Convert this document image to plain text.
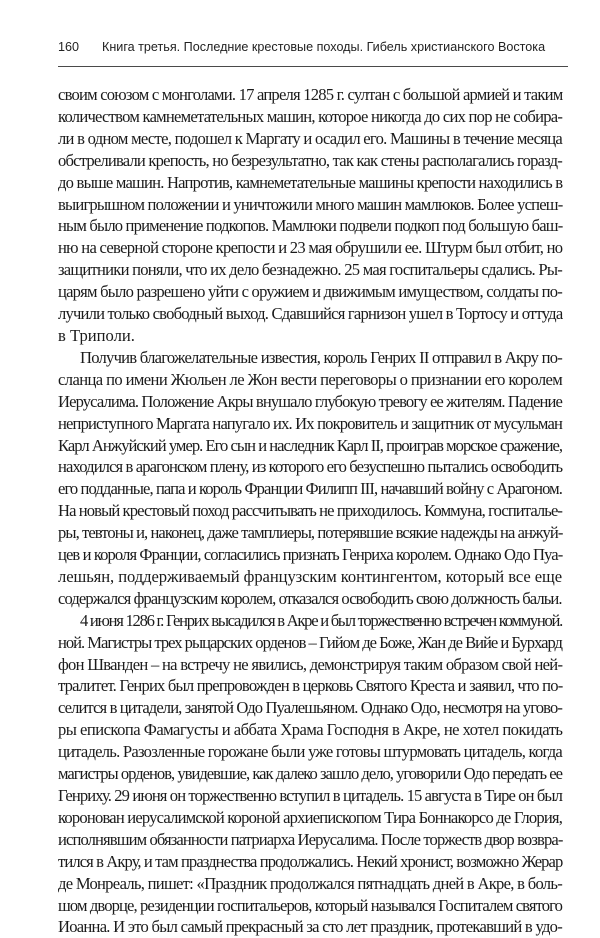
160	Книга третья. Последние крестовые походы. Гибель христианского Востока
своим союзом с монголами. 17 апреля 1285 г. султан с большой армией и таким
количеством камнеметательных машин, которое никогда до сих пор не собира-
ли в одном месте, подошел к Маргату и осадил его. Машины в течение месяца
обстреливали крепость, но безрезультатно, так как стены располагались горазд-
до выше машин. Напротив, камнеметательные машины крепости находились в
выигрышном положении и уничтожили много машин мамлюков. Более успеш-
ным было применение подкопов. Мамлюки подвели подкоп под большую баш-
ню на северной стороне крепости и 23 мая обрушили ее. Штурм был отбит, но
защитники поняли, что их дело безнадежно. 25 мая госпитальеры сдались. Ры-
царям было разрешено уйти с оружием и движимым имуществом, солдаты по-
лучили только свободный выход. Сдавшийся гарнизон ушел в Тортосу и оттуда
в Триполи.
Получив благожелательные известия, король Генрих II отправил в Акру по-
сланца по имени Жюльен ле Жон вести переговоры о признании его королем
Иерусалима. Положение Акры внушало глубокую тревогу ее жителям. Падение
неприступного Маргата напугало их. Их покровитель и защитник от мусульман
Карл Анжуйский умер. Его сын и наследник Карл II, проиграв морское сражение,
находился в арагонском плену, из которого его безуспешно пытались освободить
его подданные, папа и король Франции Филипп III, начавший войну с Арагоном.
На новый крестовый поход рассчитывать не приходилось. Коммуна, госпиталье-
ры, тевтоны и, наконец, даже тамплиеры, потерявшие всякие надежды на анжуй-
цев и короля Франции, согласились признать Генриха королем. Однако Одо Пуа-
лешьян, поддерживаемый французским контингентом, который все еще
содержался французским королем, отказался освободить свою должность бальи.
4 июня 1286 г. Генрих высадился в Акре и был торжественно встречен коммуной.
ной. Магистры трех рыцарских орденов – Гийом де Боже, Жан де Вийе и Бурхард
фон Шванден – на встречу не явились, демонстрируя таким образом свой ней-
тралитет. Генрих был препровожден в церковь Святого Креста и заявил, что по-
селится в цитадели, занятой Одо Пуалешьяном. Однако Одо, несмотря на угово-
ры епископа Фамагусты и аббата Храма Господня в Акре, не хотел покидать
цитадель. Разозленные горожане были уже готовы штурмовать цитадель, когда
магистры орденов, увидевшие, как далеко зашло дело, уговорили Одо передать ее
Генриху. 29 июня он торжественно вступил в цитадель. 15 августа в Тире он был
коронован иерусалимской короной архиепископом Тира Боннакорсо де Глория,
исполнявшим обязанности патриарха Иерусалима. После торжеств двор возвра-
тился в Акру, и там празднества продолжались. Некий хронист, возможно Жерар
де Монреаль, пишет: «Праздник продолжался пятнадцать дней в Акре, в боль-
шом дворце, резиденции госпитальеров, который назывался Госпиталем святого
Иоанна. И это был самый прекрасный за сто лет праздник, протекавший в удо-
